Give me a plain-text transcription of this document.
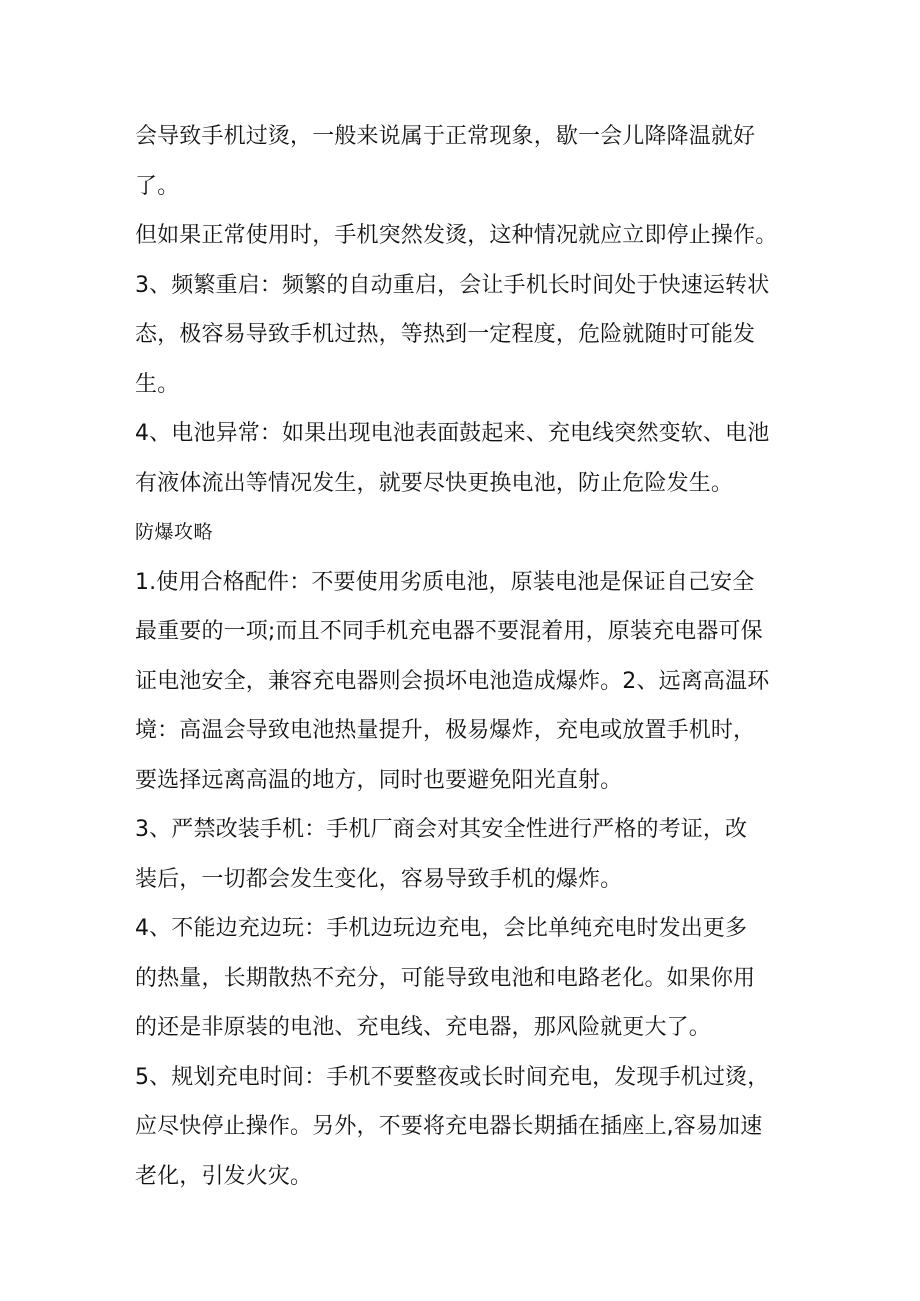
会导致手机过烫，一般来说属于正常现象，歇一会儿降降温就好
了。
但如果正常使用时，手机突然发烫，这种情况就应立即停止操作。
3、频繁重启：频繁的自动重启，会让手机长时间处于快速运转状
态，极容易导致手机过热，等热到一定程度，危险就随时可能发
生。
4、电池异常：如果出现电池表面鼓起来、充电线突然变软、电池
有液体流出等情况发生，就要尽快更换电池，防止危险发生。
防爆攻略
1.使用合格配件：不要使用劣质电池，原装电池是保证自己安全
最重要的一项;而且不同手机充电器不要混着用，原装充电器可保
证电池安全，兼容充电器则会损坏电池造成爆炸。2、远离高温环
境：高温会导致电池热量提升，极易爆炸，充电或放置手机时，
要选择远离高温的地方，同时也要避免阳光直射。
3、严禁改装手机：手机厂商会对其安全性进行严格的考证，改
装后，一切都会发生变化，容易导致手机的爆炸。
4、不能边充边玩：手机边玩边充电，会比单纯充电时发出更多
的热量，长期散热不充分，可能导致电池和电路老化。如果你用
的还是非原装的电池、充电线、充电器，那风险就更大了。
5、规划充电时间：手机不要整夜或长时间充电，发现手机过烫，
应尽快停止操作。另外，不要将充电器长期插在插座上,容易加速
老化，引发火灾。
